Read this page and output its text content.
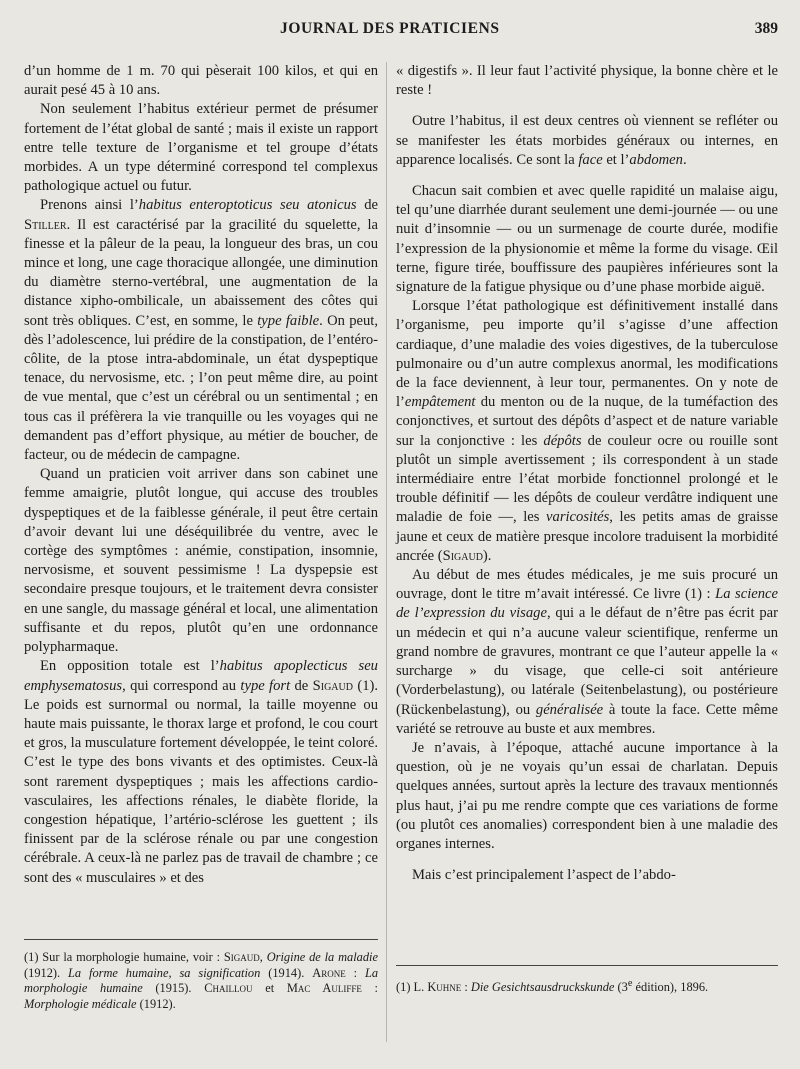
JOURNAL DES PRATICIENS	389

d’un homme de 1 m. 70 qui pèserait 100 kilos, et qui en aurait pesé 45 à 10 ans.

Non seulement l’habitus extérieur permet de présumer fortement de l’état global de santé ; mais il existe un rapport entre telle texture de l’organisme et tel groupe d’états morbides. A un type déterminé correspond tel complexus pathologique actuel ou futur.

Prenons ainsi l’habitus enteroptoticus seu atonicus de Stiller. Il est caractérisé par la gracilité du squelette, la finesse et la pâleur de la peau, la longueur des bras, un cou mince et long, une cage thoracique allongée, une diminution du diamètre sterno-vertébral, une augmentation de la distance xipho-ombilicale, un abaissement des côtes qui sont très obliques. C’est, en somme, le type faible. On peut, dès l’adolescence, lui prédire de la constipation, de l’entéro-côlite, de la ptose intra-abdominale, un état dyspeptique tenace, du nervosisme, etc. ; l’on peut même dire, au point de vue mental, que c’est un cérébral ou un sentimental ; en tous cas il préfèrera la vie tranquille ou les voyages qui ne demandent pas d’effort physique, au métier de boucher, de facteur, ou de médecin de campagne.

Quand un praticien voit arriver dans son cabinet une femme amaigrie, plutôt longue, qui accuse des troubles dyspeptiques et de la faiblesse générale, il peut être certain d’avoir devant lui une déséquilibrée du ventre, avec le cortège des symptômes : anémie, constipation, insomnie, nervosisme, et souvent pessimisme ! La dyspepsie est secondaire presque toujours, et le traitement devra consister en une sangle, du massage général et local, une alimentation suffisante et du repos, plutôt qu’en une ordonnance polypharmaque.

En opposition totale est l’habitus apoplecticus seu emphysematosus, qui correspond au type fort de Sigaud (1). Le poids est surnormal ou normal, la taille moyenne ou haute mais puissante, le thorax large et profond, le cou court et gros, la musculature fortement développée, le teint coloré. C’est le type des bons vivants et des optimistes. Ceux-là sont rarement dyspeptiques ; mais les affections cardio-vasculaires, les affections rénales, le diabète floride, la congestion hépatique, l’artério-sclérose les guettent ; ils finissent par de la sclérose rénale ou par une congestion cérébrale. A ceux-là ne parlez pas de travail de chambre ; ce sont des « musculaires » et des

(1) Sur la morphologie humaine, voir : Sigaud, Origine de la maladie (1912). La forme humaine, sa signification (1914). Arone : La morphologie humaine (1915). Chaillou et Mac Auliffe : Morphologie médicale (1912).

« digestifs ». Il leur faut l’activité physique, la bonne chère et le reste !

Outre l’habitus, il est deux centres où viennent se refléter ou se manifester les états morbides généraux ou internes, en apparence localisés. Ce sont la face et l’abdomen.

Chacun sait combien et avec quelle rapidité un malaise aigu, tel qu’une diarrhée durant seulement une demi-journée — ou une nuit d’insomnie — ou un surmenage de courte durée, modifie l’expression de la physionomie et même la forme du visage. Œil terne, figure tirée, bouffissure des paupières inférieures sont la signature de la fatigue physique ou d’une phase morbide aiguë.

Lorsque l’état pathologique est définitivement installé dans l’organisme, peu importe qu’il s’agisse d’une affection cardiaque, d’une maladie des voies digestives, de la tuberculose pulmonaire ou d’un autre complexus anormal, les modifications de la face deviennent, à leur tour, permanentes. On y note de l’empâtement du menton ou de la nuque, de la tuméfaction des conjonctives, et surtout des dépôts d’aspect et de nature variable sur la conjonctive : les dépôts de couleur ocre ou rouille sont plutôt un simple avertissement ; ils correspondent à un stade intermédiaire entre l’état morbide fonctionnel prolongé et le trouble définitif — les dépôts de couleur verdâtre indiquent une maladie de foie —, les varicosités, les petits amas de graisse jaune et ceux de matière presque incolore traduisent la morbidité ancrée (Sigaud).

Au début de mes études médicales, je me suis procuré un ouvrage, dont le titre m’avait intéressé. Ce livre (1) : La science de l’expression du visage, qui a le défaut de n’être pas écrit par un médecin et qui n’a aucune valeur scientifique, renferme un grand nombre de gravures, montrant ce que l’auteur appelle la « surcharge » du visage, que celle-ci soit antérieure (Vorderbelastung), ou latérale (Seitenbelastung), ou postérieure (Rückenbelastung), ou généralisée à toute la face. Cette même variété se retrouve au buste et aux membres.

Je n’avais, à l’époque, attaché aucune importance à la question, où je ne voyais qu’un essai de charlatan. Depuis quelques années, surtout après la lecture des travaux mentionnés plus haut, j’ai pu me rendre compte que ces variations de forme (ou plutôt ces anomalies) correspondent bien à une maladie des organes internes.

Mais c’est principalement l’aspect de l’abdo-

(1) L. Kuhne : Die Gesichtsausdruckskunde (3e édition), 1896.
